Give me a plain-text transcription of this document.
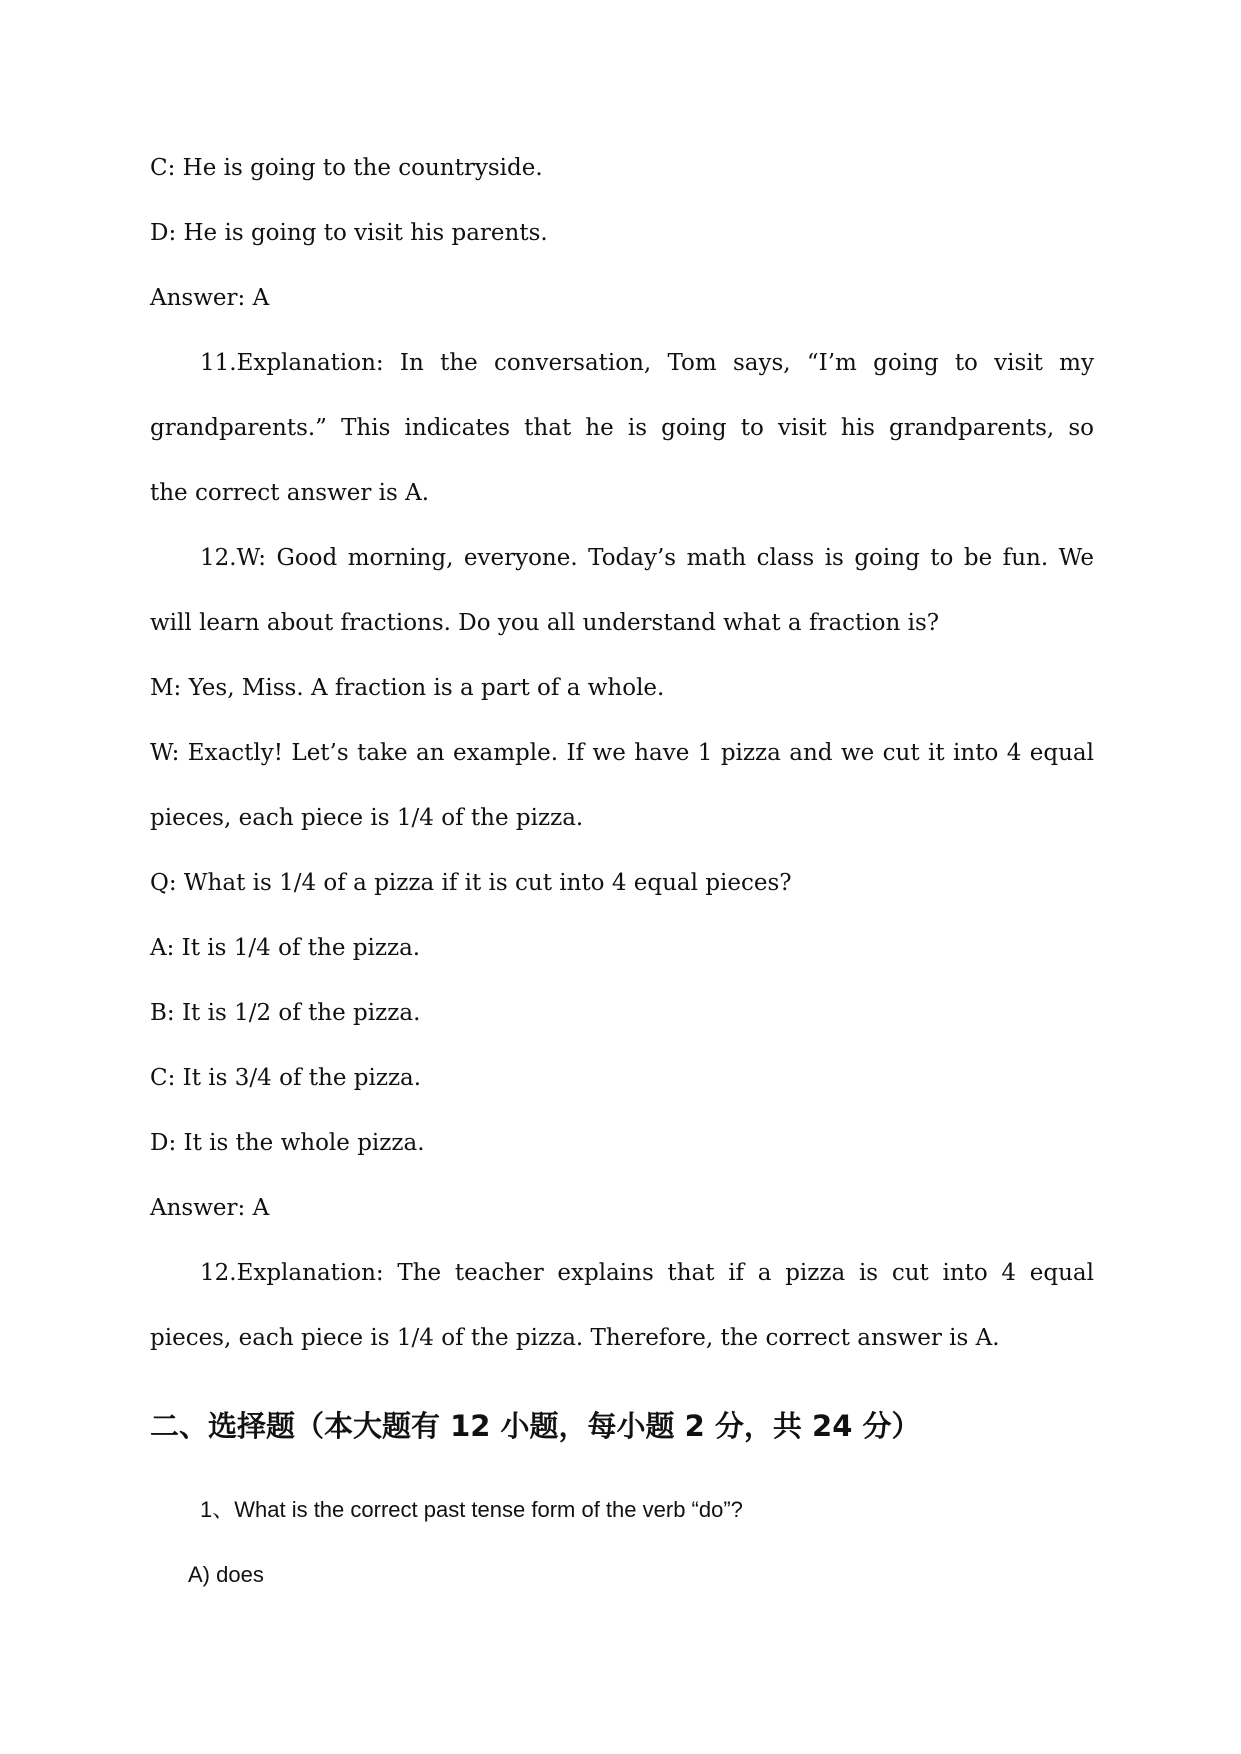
C: He is going to the countryside.
D: He is going to visit his parents.
Answer: A
11.Explanation: In the conversation, Tom says, “I’m going to visit my
grandparents.” This indicates that he is going to visit his grandparents, so
the correct answer is A.
12.W: Good morning, everyone. Today’s math class is going to be fun. We
will learn about fractions. Do you all understand what a fraction is?
M: Yes, Miss. A fraction is a part of a whole.
W: Exactly! Let’s take an example. If we have 1 pizza and we cut it into 4 equal
pieces, each piece is 1/4 of the pizza.
Q: What is 1/4 of a pizza if it is cut into 4 equal pieces?
A: It is 1/4 of the pizza.
B: It is 1/2 of the pizza.
C: It is 3/4 of the pizza.
D: It is the whole pizza.
Answer: A
12.Explanation: The teacher explains that if a pizza is cut into 4 equal
pieces, each piece is 1/4 of the pizza. Therefore, the correct answer is A.
二、选择题（本大题有 12 小题，每小题 2 分，共 24 分）
1、What is the correct past tense form of the verb “do”?
A) does
